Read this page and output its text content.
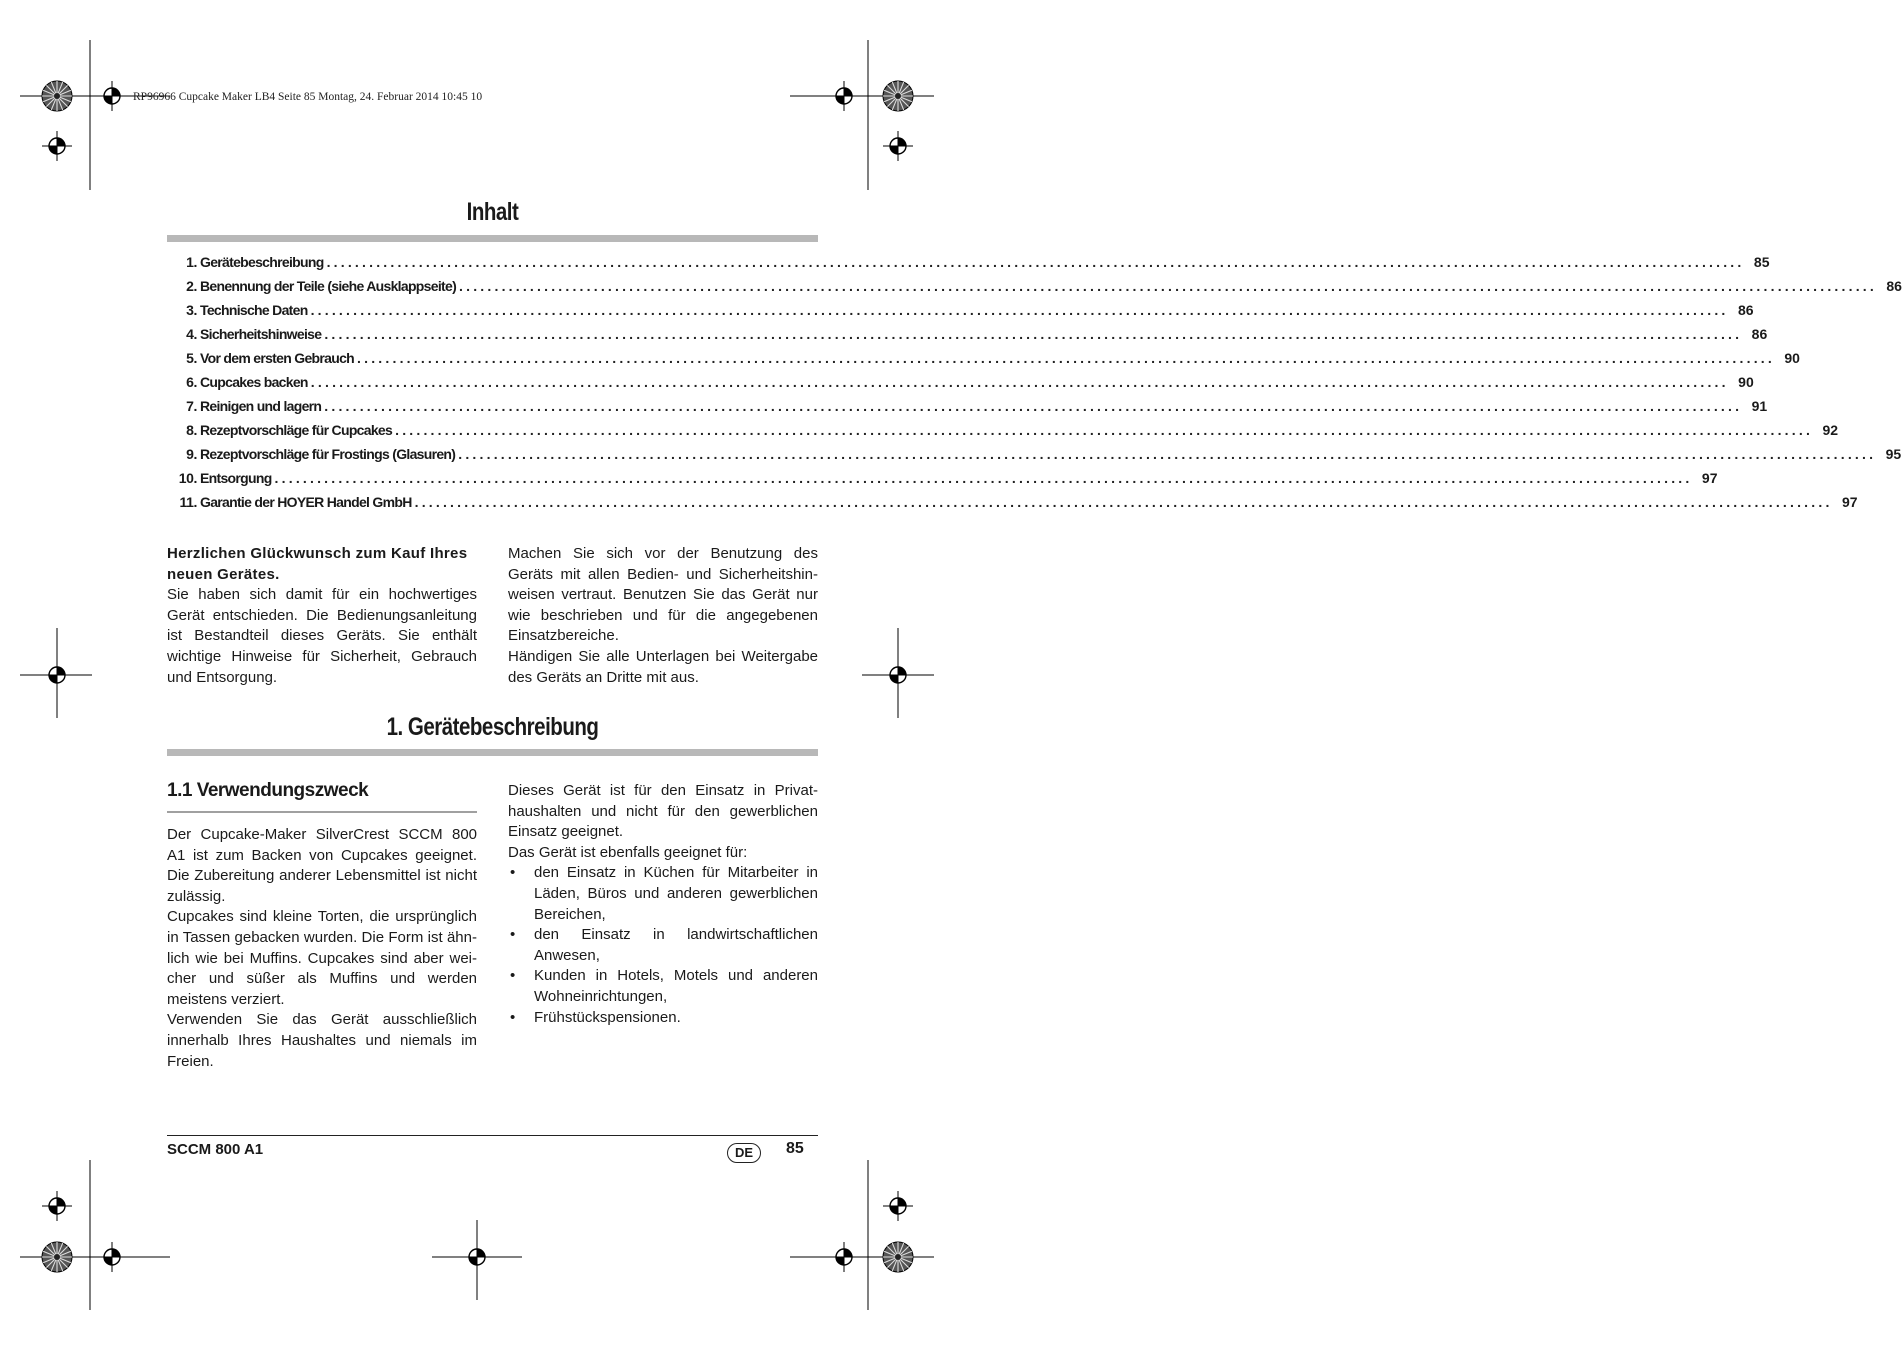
RP96966 Cupcake Maker LB4 Seite 85 Montag, 24. Februar 2014 10:45 10
Inhalt
1. Gerätebeschreibung ........................................................................................................................................................................................................ 85
2. Benennung der Teile (siehe Ausklappseite) ........................................................................................................................................................................................................ 86
3. Technische Daten ........................................................................................................................................................................................................ 86
4. Sicherheitshinweise ........................................................................................................................................................................................................ 86
5. Vor dem ersten Gebrauch ........................................................................................................................................................................................................ 90
6. Cupcakes backen ........................................................................................................................................................................................................ 90
7. Reinigen und lagern ........................................................................................................................................................................................................ 91
8. Rezeptvorschläge für Cupcakes ........................................................................................................................................................................................................ 92
9. Rezeptvorschläge für Frostings (Glasuren) ........................................................................................................................................................................................................ 95
10. Entsorgung ........................................................................................................................................................................................................ 97
11. Garantie der HOYER Handel GmbH ........................................................................................................................................................................................................ 97

Herzlichen Glückwunsch zum Kauf Ihres neuen Gerätes.

Sie haben sich damit für ein hochwertiges Gerät entschieden. Die Bedienungsanleitung ist Bestandteil dieses Geräts. Sie enthält wichtige Hinweise für Sicherheit, Gebrauch und Entsorgung.

Machen Sie sich vor der Benutzung des Geräts mit allen Bedien- und Sicherheitshinweisen vertraut. Benutzen Sie das Gerät nur wie beschrieben und für die angegebenen Einsatzbereiche.

Händigen Sie alle Unterlagen bei Weitergabe des Geräts an Dritte mit aus.

1. Gerätebeschreibung
1.1 Verwendungszweck

Der Cupcake-Maker SilverCrest SCCM 800 A1 ist zum Backen von Cupcakes geeignet. Die Zubereitung anderer Lebensmittel ist nicht zulässig.

Cupcakes sind kleine Torten, die ursprünglich in Tassen gebacken wurden. Die Form ist ähnlich wie bei Muffins. Cupcakes sind aber weicher und süßer als Muffins und werden meistens verziert.

Verwenden Sie das Gerät ausschließlich innerhalb Ihres Haushaltes und niemals im Freien.

Dieses Gerät ist für den Einsatz in Privathaushalten und nicht für den gewerblichen Einsatz geeignet.

Das Gerät ist ebenfalls geeignet für:

• den Einsatz in Küchen für Mitarbeiter in Läden, Büros und anderen gewerblichen Bereichen,
• den Einsatz in landwirtschaftlichen Anwesen,
• Kunden in Hotels, Motels und anderen Wohneinrichtungen,
• Frühstückspensionen.
SCCM 800 A1	DE	85
